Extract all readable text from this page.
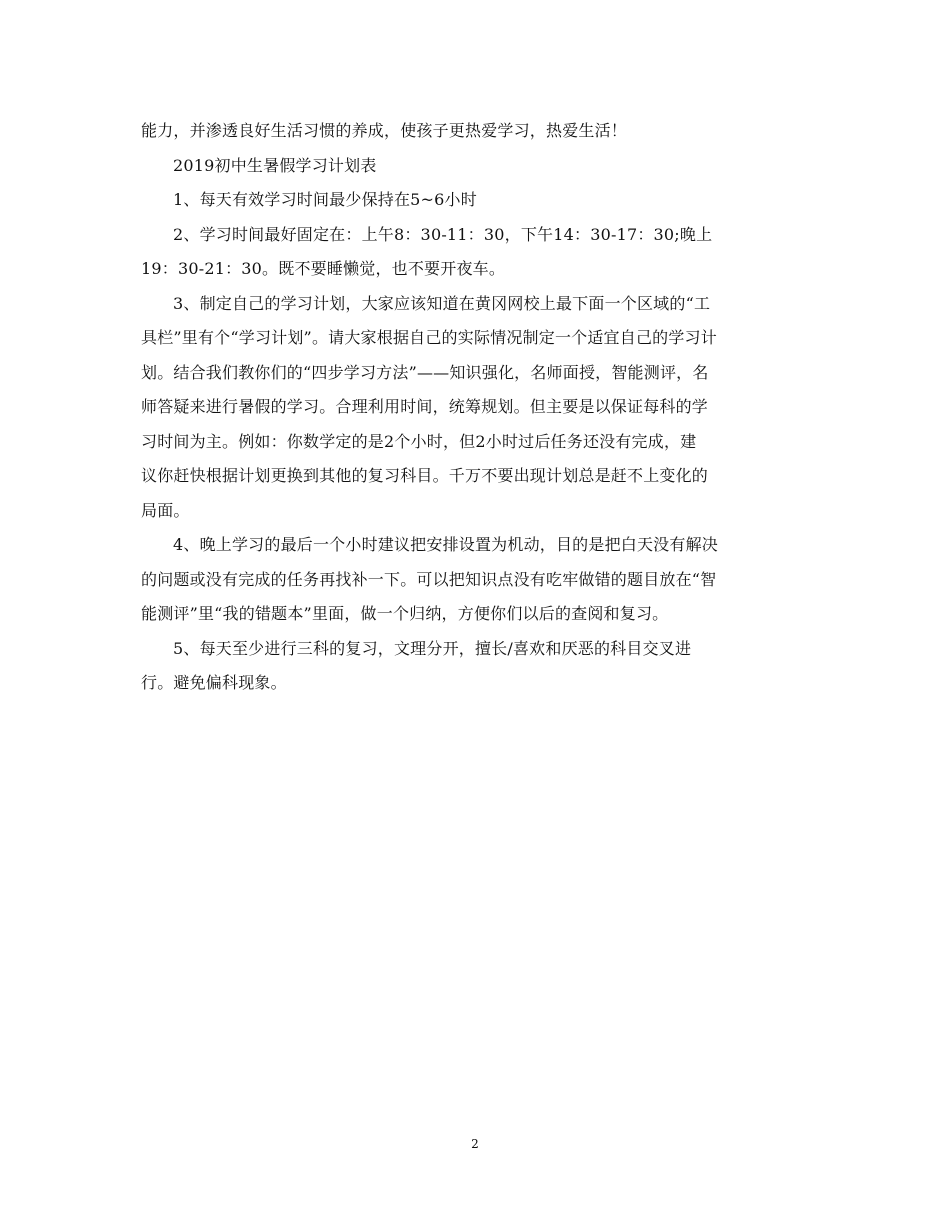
能力，并渗透良好生活习惯的养成，使孩子更热爱学习，热爱生活！
2019初中生暑假学习计划表
1、每天有效学习时间最少保持在5~6小时
2、学习时间最好固定在：上午8：30-11：30，下午14：30-17：30;晚上
19：30-21：30。既不要睡懒觉，也不要开夜车。
3、制定自己的学习计划，大家应该知道在黄冈网校上最下面一个区域的“工
具栏”里有个“学习计划”。请大家根据自己的实际情况制定一个适宜自己的学习计
划。结合我们教你们的“四步学习方法”——知识强化，名师面授，智能测评，名
师答疑来进行暑假的学习。合理利用时间，统筹规划。但主要是以保证每科的学
习时间为主。例如：你数学定的是2个小时，但2小时过后任务还没有完成，建
议你赶快根据计划更换到其他的复习科目。千万不要出现计划总是赶不上变化的
局面。
4、晚上学习的最后一个小时建议把安排设置为机动，目的是把白天没有解决
的问题或没有完成的任务再找补一下。可以把知识点没有吃牢做错的题目放在“智
能测评”里“我的错题本”里面，做一个归纳，方便你们以后的查阅和复习。
5、每天至少进行三科的复习，文理分开，擅长/喜欢和厌恶的科目交叉进
行。避免偏科现象。
2
